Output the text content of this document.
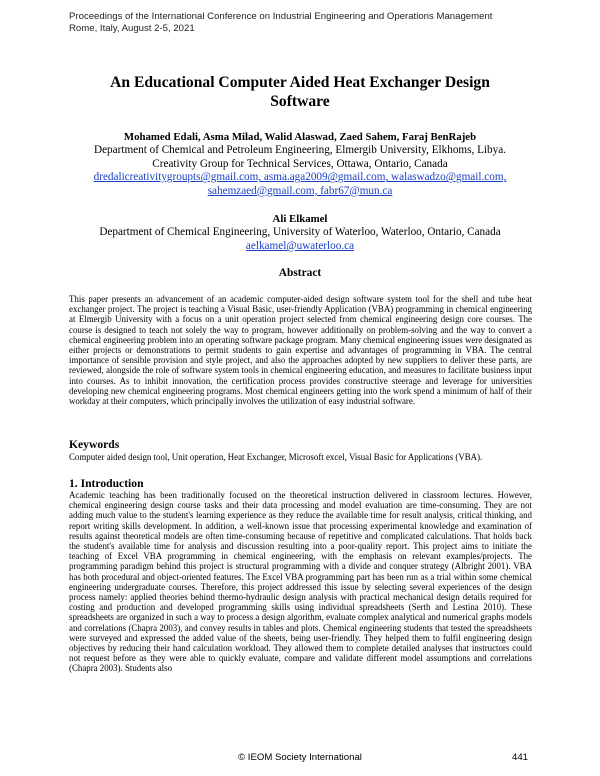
Proceedings of the International Conference on Industrial Engineering and Operations Management
Rome, Italy, August 2-5, 2021
An Educational Computer Aided Heat Exchanger Design
Software
Mohamed Edali, Asma Milad, Walid Alaswad, Zaed Sahem, Faraj BenRajeb
Department of Chemical and Petroleum Engineering, Elmergib University, Elkhoms, Libya.
Creativity Group for Technical Services, Ottawa, Ontario, Canada
dredalicreativitygroupts@gmail.com, asma.aga2009@gmail.com, walaswadzo@gmail.com,
sahemzaed@gmail.com, fabr67@mun.ca
Ali Elkamel
Department of Chemical Engineering, University of Waterloo, Waterloo, Ontario, Canada
aelkamel@uwaterloo.ca
Abstract
This paper presents an advancement of an academic computer-aided design software system tool for the shell and tube heat exchanger project. The project is teaching a Visual Basic, user-friendly Application (VBA) programming in chemical engineering at Elmergib University with a focus on a unit operation project selected from chemical engineering design core courses. The course is designed to teach not solely the way to program, however additionally on problem-solving and the way to convert a chemical engineering problem into an operating software package program. Many chemical engineering issues were designated as either projects or demonstrations to permit students to gain expertise and advantages of programming in VBA. The central importance of sensible provision and style project, and also the approaches adopted by new suppliers to deliver these parts, are reviewed, alongside the role of software system tools in chemical engineering education, and measures to facilitate business input into courses. As to inhibit innovation, the certification process provides constructive steerage and leverage for universities developing new chemical engineering programs. Most chemical engineers getting into the work spend a minimum of half of their workday at their computers, which principally involves the utilization of easy industrial software.
Keywords
Computer aided design tool, Unit operation, Heat Exchanger, Microsoft excel, Visual Basic for Applications (VBA).
1. Introduction
Academic teaching has been traditionally focused on the theoretical instruction delivered in classroom lectures. However, chemical engineering design course tasks and their data processing and model evaluation are time-consuming. They are not adding much value to the student's learning experience as they reduce the available time for result analysis, critical thinking, and report writing skills development. In addition, a well-known issue that processing experimental knowledge and examination of results against theoretical models are often time-consuming because of repetitive and complicated calculations. That holds back the student's available time for analysis and discussion resulting into a poor-quality report. This project aims to initiate the teaching of Excel VBA programming in chemical engineering, with the emphasis on relevant examples/projects. The programming paradigm behind this project is structural programming with a divide and conquer strategy (Albright 2001). VBA has both procedural and object-oriented features. The Excel VBA programming part has been run as a trial within some chemical engineering undergraduate courses. Therefore, this project addressed this issue by selecting several experiences of the design process namely: applied theories behind thermo-hydraulic design analysis with practical mechanical design details required for costing and production and developed programming skills using individual spreadsheets (Serth and Lestina 2010). These spreadsheets are organized in such a way to process a design algorithm, evaluate complex analytical and numerical graphs models and correlations (Chapra 2003), and convey results in tables and plots. Chemical engineering students that tested the spreadsheets were surveyed and expressed the added value of the sheets, being user-friendly. They helped them to fulfil engineering design objectives by reducing their hand calculation workload. They allowed them to complete detailed analyses that instructors could not request before as they were able to quickly evaluate, compare and validate different model assumptions and correlations (Chapra 2003). Students also
© IEOM Society International	441
